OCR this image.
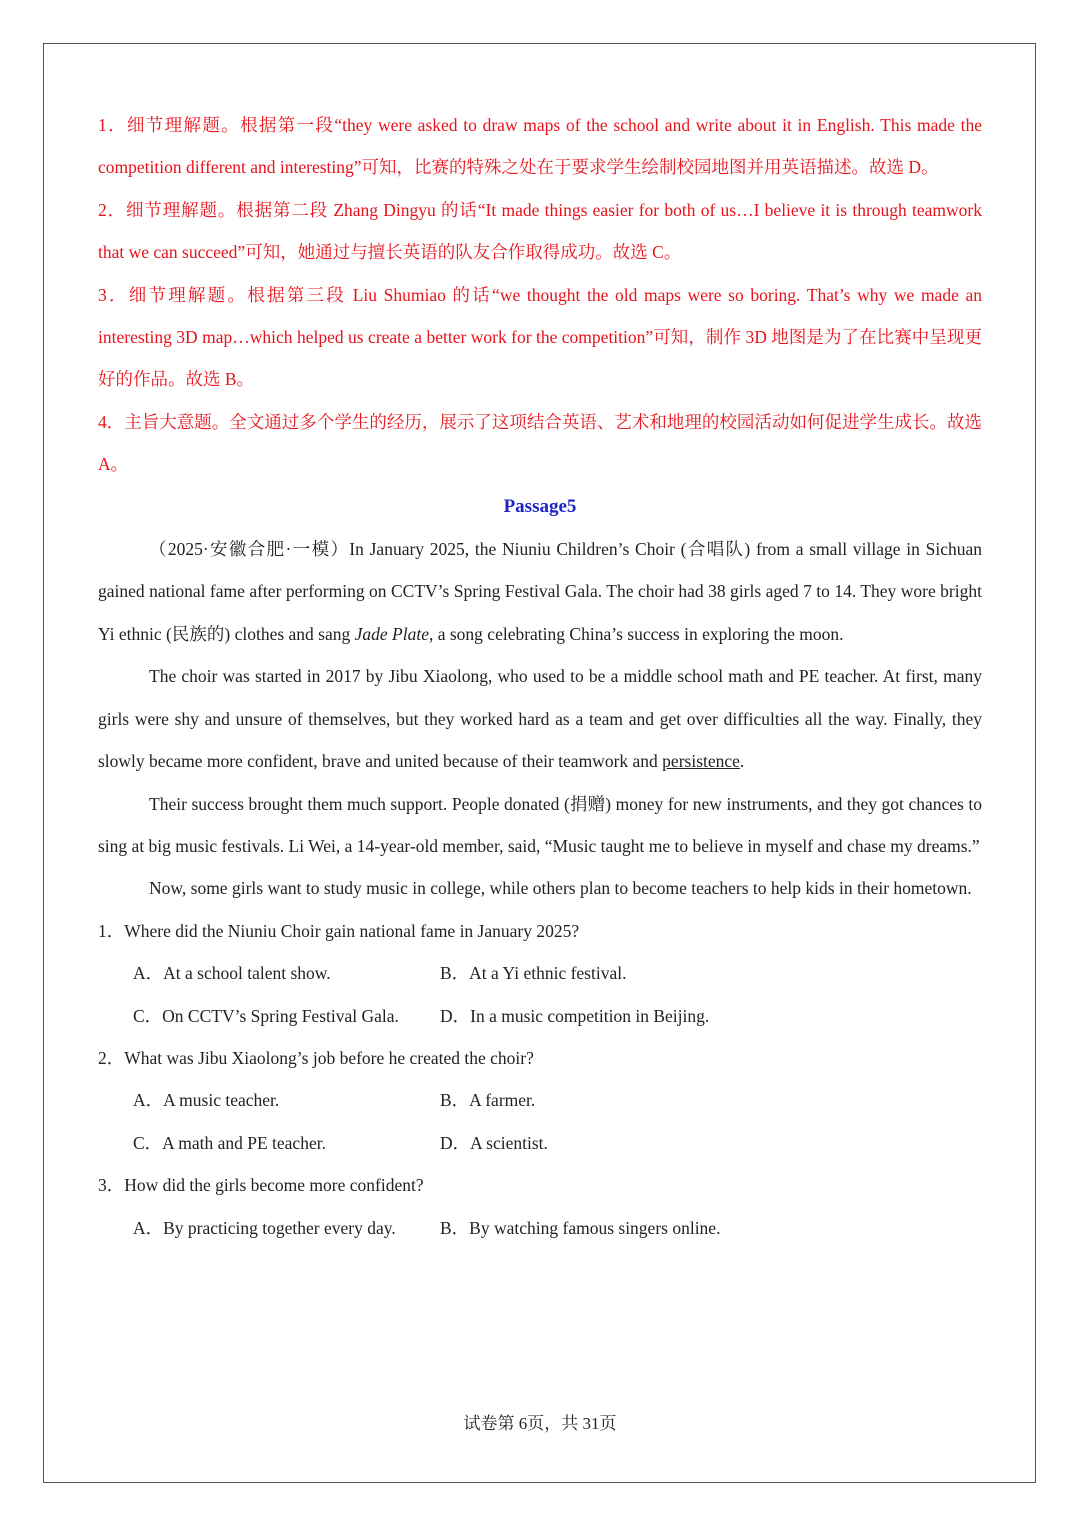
1．细节理解题。根据第一段“they were asked to draw maps of the school and write about it in English. This made the competition different and interesting”可知，比赛的特殊之处在于要求学生绘制校园地图并用英语描述。故选 D。

2．细节理解题。根据第二段 Zhang Dingyu 的话“It made things easier for both of us…I believe it is through teamwork that we can succeed”可知，她通过与擅长英语的队友合作取得成功。故选 C。

3．细节理解题。根据第三段 Liu Shumiao 的话“we thought the old maps were so boring. That’s why we made an interesting 3D map…which helped us create a better work for the competition”可知，制作 3D 地图是为了在比赛中呈现更好的作品。故选 B。

4．主旨大意题。全文通过多个学生的经历，展示了这项结合英语、艺术和地理的校园活动如何促进学生成长。故选 A。

Passage5

（2025·安徽合肥·一模）In January 2025, the Niuniu Children’s Choir (合唱队) from a small village in Sichuan gained national fame after performing on CCTV’s Spring Festival Gala. The choir had 38 girls aged 7 to 14. They wore bright Yi ethnic (民族的) clothes and sang Jade Plate, a song celebrating China’s success in exploring the moon.

The choir was started in 2017 by Jibu Xiaolong, who used to be a middle school math and PE teacher. At first, many girls were shy and unsure of themselves, but they worked hard as a team and get over difficulties all the way. Finally, they slowly became more confident, brave and united because of their teamwork and persistence.

Their success brought them much support. People donated (捐赠) money for new instruments, and they got chances to sing at big music festivals. Li Wei, a 14-year-old member, said, “Music taught me to believe in myself and chase my dreams.”

Now, some girls want to study music in college, while others plan to become teachers to help kids in their hometown.

1．Where did the Niuniu Choir gain national fame in January 2025?

A．At a school talent show.	B．At a Yi ethnic festival.
C．On CCTV’s Spring Festival Gala.	D．In a music competition in Beijing.

2．What was Jibu Xiaolong’s job before he created the choir?

A．A music teacher.	B．A farmer.
C．A math and PE teacher.	D．A scientist.

3．How did the girls become more confident?

A．By practicing together every day.	B．By watching famous singers online.
试卷第 6页，共 31页
